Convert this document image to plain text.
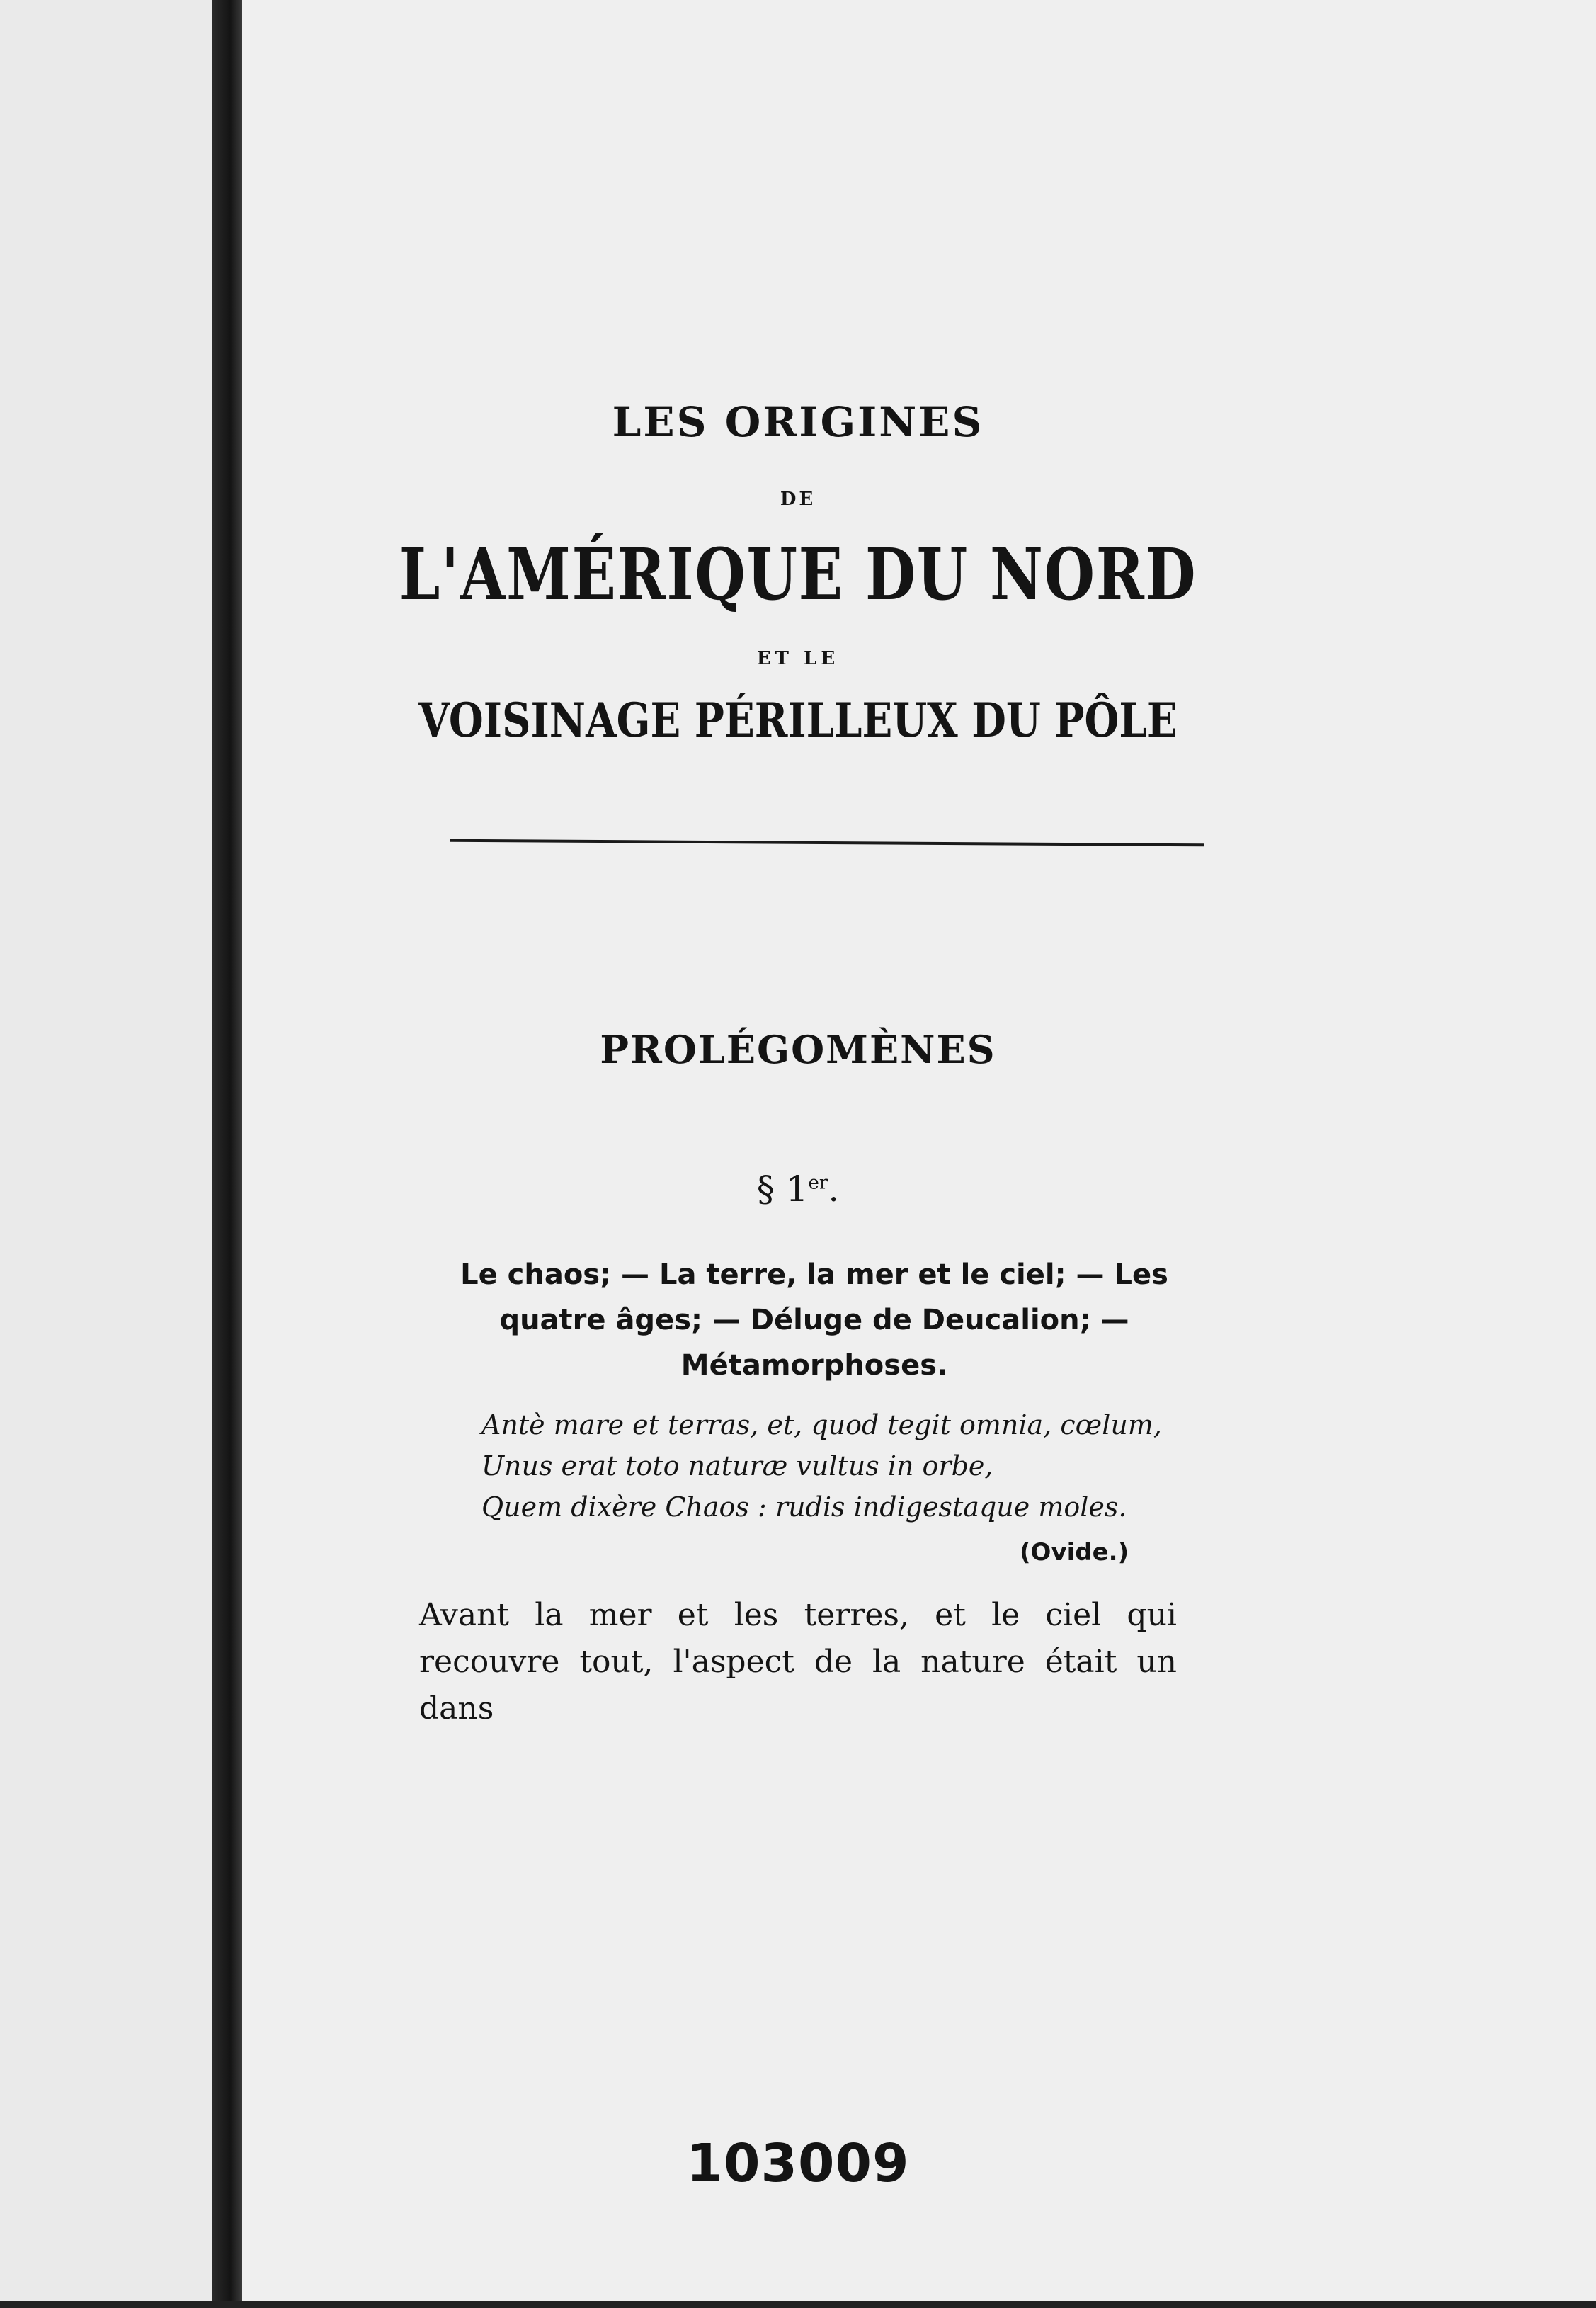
LES ORIGINES
DE
L'AMÉRIQUE DU NORD
ET LE
VOISINAGE PÉRILLEUX DU PÔLE
PROLÉGOMÈNES
§ 1er.
Le chaos; — La terre, la mer et le ciel; — Les quatre âges; — Déluge de Deucalion; — Métamorphoses.
Antè mare et terras, et, quod tegit omnia, cœlum,
Unus erat toto naturæ vultus in orbe,
Quem dixère Chaos : rudis indigestaque moles.
(Ovide.)
Avant la mer et les terres, et le ciel qui recouvre tout, l'aspect de la nature était un dans
103009
